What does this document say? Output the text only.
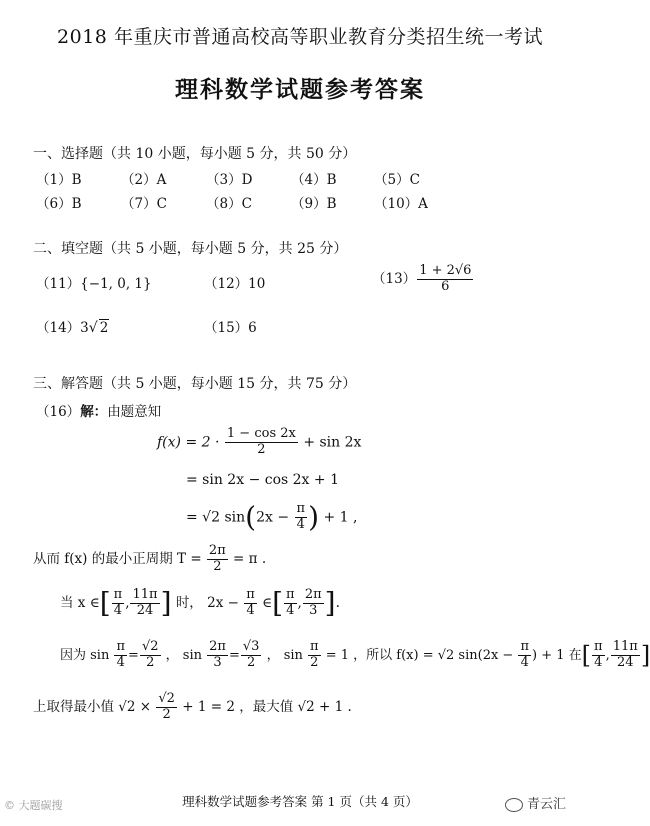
2018 年重庆市普通高校高等职业教育分类招生统一考试
理科数学试题参考答案
一、选择题（共 10 小题，每小题 5 分，共 50 分）
（1）B	（2）A	（3）D	（4）B	（5）C
（6）B	（7）C	（8）C	（9）B	（10）A
二、填空题（共 5 小题，每小题 5 分，共 25 分）
（11）{−1, 0, 1}	（12）10	$(13) \frac{1 + 2√6}{6}$
（14）3√ 2	（15）6
三、解答题（共 5 小题，每小题 15 分，共 75 分）
（16）解：由题意知
$f(x) = 2 \cdot \frac{1 - \cos 2x}{2} + \sin 2x$
= sin 2x − cos 2x + 1
= √2 $\sin(2x - \frac{\pi}{4}$ ) + 1 ,
从而 f(x) 的最小正周期 $T = \frac{2\pi}{2} = \pi$ .
当 x ∈[ $\frac{\pi}{4}$ , $\frac{11\pi}{24}$ ] 时， $2x - \frac{\pi}{4}$ ∈[ $\frac{\pi}{4}$ , $\frac{2\pi}{3}$ ].
因为 $\sin \frac{\pi}{4} = \frac{√2}{2}$ ， $\sin \frac{2\pi}{3} = \frac{√3}{2}$ ， $\sin \frac{\pi}{2} = 1$ ，所以 f(x) = √2 $\sin(2x - \frac{\pi}{4}$ ) + 1 在[ $\frac{\pi}{4}$ , $\frac{11\pi}{24}$ ]
上取得最小值 $√2 \times \frac{√2}{2} + 1 = 2$ ，最大值 √2 + 1 .
理科数学试题参考答案 第 1 页（共 4 页）
© 大题碳搜	青云汇
